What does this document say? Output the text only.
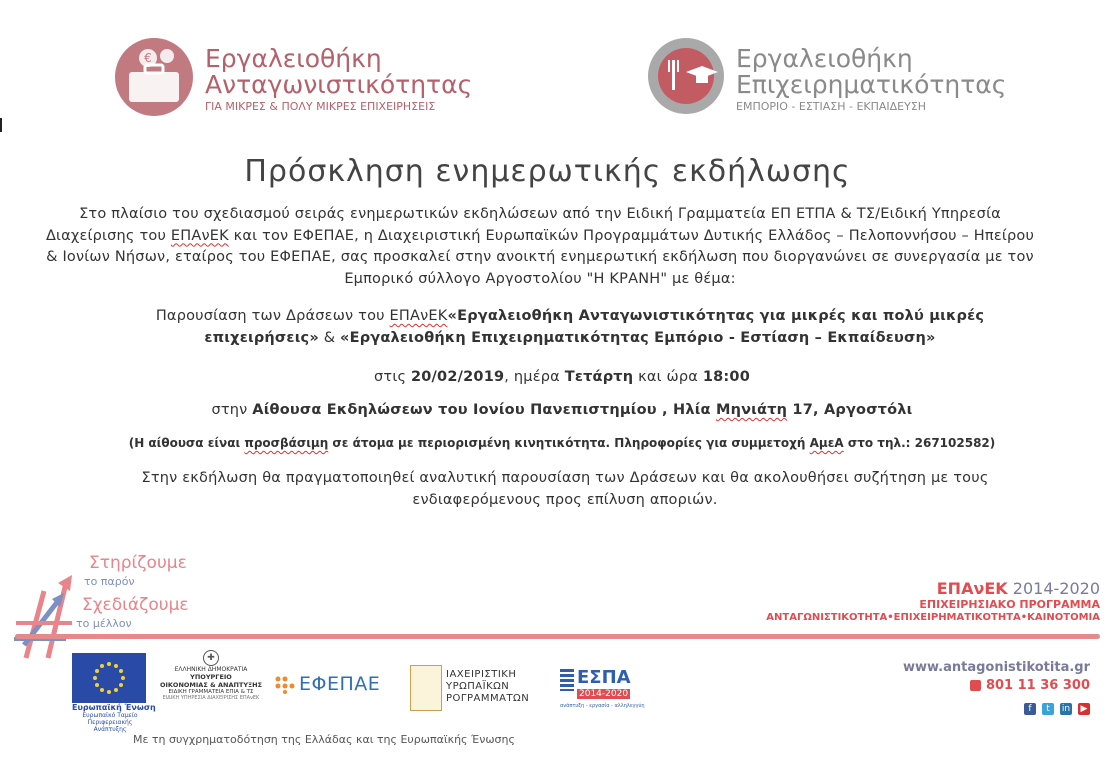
€ Εργαλειοθήκη
Ανταγωνιστικότητας
ΓΙΑ ΜΙΚΡΕΣ & ΠΟΛΥ ΜΙΚΡΕΣ ΕΠΙΧΕΙΡΗΣΕΙΣ
Εργαλειοθήκη
Επιχειρηματικότητας
ΕΜΠΟΡΙΟ - ΕΣΤΙΑΣΗ - ΕΚΠΑΙΔΕΥΣΗ
Πρόσκληση ενημερωτικής εκδήλωσης
Στο πλαίσιο του σχεδιασμού σειράς ενημερωτικών εκδηλώσεων από την Ειδική Γραμματεία ΕΠ ΕΤΠΑ & ΤΣ/Ειδική Υπηρεσία Διαχείρισης του ΕΠΑνΕΚ και τον ΕΦΕΠΑΕ, η Διαχειριστική Ευρωπαϊκών Προγραμμάτων Δυτικής Ελλάδος – Πελοποννήσου – Ηπείρου & Ιονίων Νήσων, εταίρος του ΕΦΕΠΑΕ, σας προσκαλεί στην ανοικτή ενημερωτική εκδήλωση που διοργανώνει σε συνεργασία με τον Εμπορικό σύλλογο Αργοστολίου "Η ΚΡΑΝΗ" με θέμα:
Παρουσίαση των Δράσεων του ΕΠΑνΕΚ«Εργαλειοθήκη Ανταγωνιστικότητας για μικρές και πολύ μικρές επιχειρήσεις» & «Εργαλειοθήκη Επιχειρηματικότητας Εμπόριο - Εστίαση – Εκπαίδευση»
στις 20/02/2019, ημέρα Τετάρτη και ώρα 18:00
στην Αίθουσα Εκδηλώσεων του Ιονίου Πανεπιστημίου , Ηλία Μηνιάτη 17, Αργοστόλι
(Η αίθουσα είναι προσβάσιμη σε άτομα με περιορισμένη κινητικότητα. Πληροφορίες για συμμετοχή ΑμεΑ στο τηλ.: 267102582)
Στην εκδήλωση θα πραγματοποιηθεί αναλυτική παρουσίαση των Δράσεων και θα ακολουθήσει συζήτηση με τους ενδιαφερόμενους προς επίλυση αποριών.
Στηρίζουμε
το παρόν
Σχεδιάζουμε
το μέλλον
ΕΠΑνΕΚ 2014-2020
ΕΠΙΧΕΙΡΗΣΙΑΚΟ ΠΡΟΓΡΑΜΜΑ
ΑΝΤΑΓΩΝΙΣΤΙΚΟΤΗΤΑ•ΕΠΙΧΕΙΡΗΜΑΤΙΚΟΤΗΤΑ•ΚΑΙΝΟΤΟΜΙΑ
Ευρωπαϊκή Ένωση
Ευρωπαϊκό Ταμείο
Περιφερειακής Ανάπτυξης
✚
ΕΛΛΗΝΙΚΗ ΔΗΜΟΚΡΑΤΙΑ
ΥΠΟΥΡΓΕΙΟ
ΟΙΚΟΝΟΜΙΑΣ & ΑΝΑΠΤΥΞΗΣ
ΕΙΔΙΚΗ ΓΡΑΜΜΑΤΕΙΑ ΕΠΙΑ & ΤΣ
ΕΙΔΙΚΗ ΥΠΗΡΕΣΙΑ ΔΙΑΧΕΙΡΙΣΗΣ ΕΠΑνΕΚ
ΕΦΕΠΑΕ	ΙΑΧΕΙΡΙΣΤΙΚΗ
ΥΡΩΠΑΪΚΩΝ
ΡΟΓΡΑΜΜΑΤΩΝ
ΕΣΠΑ
2014-2020
ανάπτυξη - εργασία - αλληλεγγύη
www.antagonistikotita.gr
801 11 36 300
f t in ▶
Με τη συγχρηματοδότηση της Ελλάδας και της Ευρωπαϊκής Ένωσης
